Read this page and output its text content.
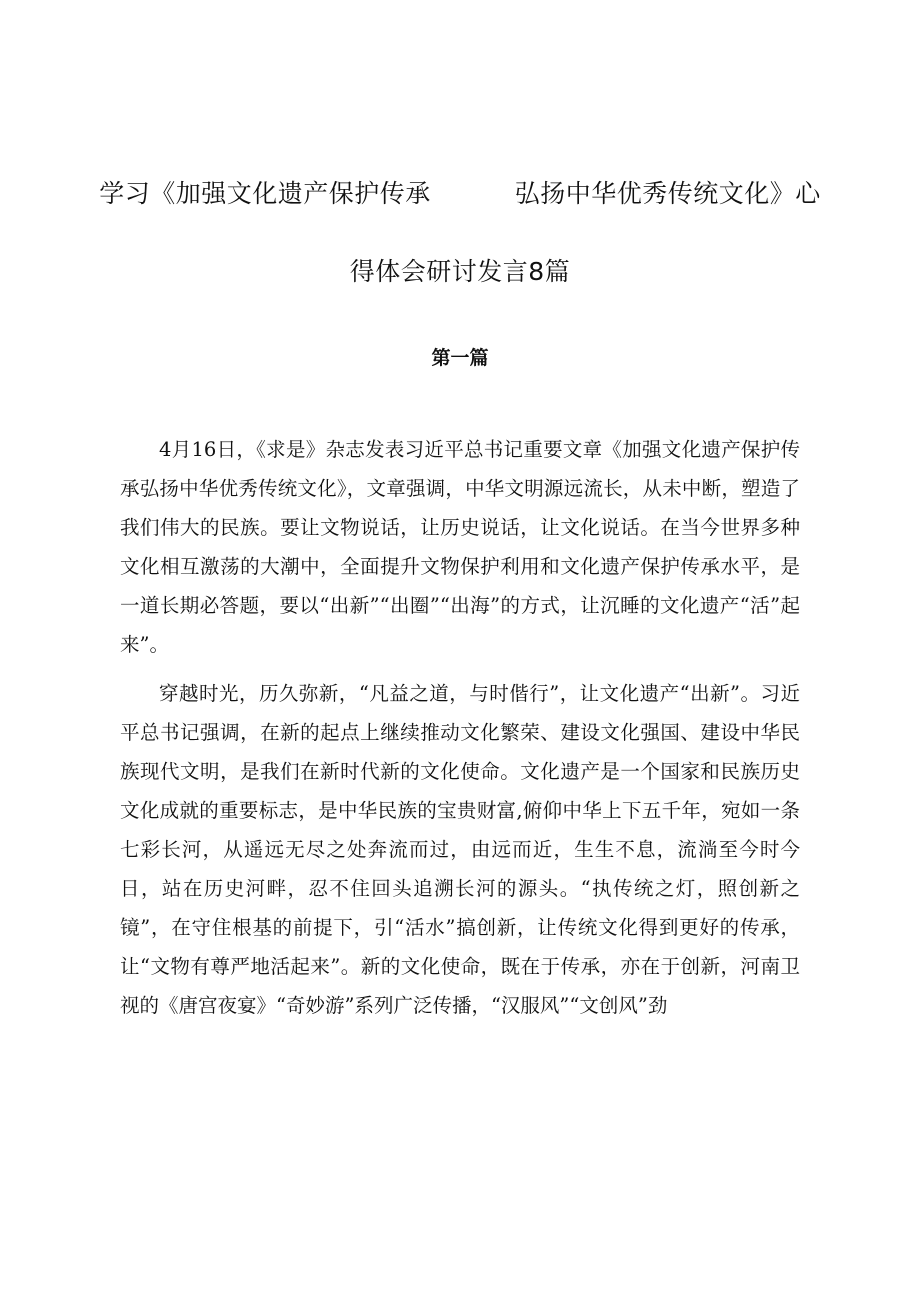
学习《加强文化遗产保护传承	弘扬中华优秀传统文化》心
得体会研讨发言8篇
第一篇

4月16日，《求是》杂志发表习近平总书记重要文章《加强文化遗产保护传承弘扬中华优秀传统文化》，文章强调，中华文明源远流长，从未中断，塑造了我们伟大的民族。要让文物说话，让历史说话，让文化说话。在当今世界多种文化相互激荡的大潮中，全面提升文物保护利用和文化遗产保护传承水平，是一道长期必答题，要以“出新”“出圈”“出海”的方式，让沉睡的文化遗产“活”起来”。

穿越时光，历久弥新，“凡益之道，与时偕行”，让文化遗产“出新”。习近平总书记强调，在新的起点上继续推动文化繁荣、建设文化强国、建设中华民族现代文明，是我们在新时代新的文化使命。文化遗产是一个国家和民族历史文化成就的重要标志，是中华民族的宝贵财富,俯仰中华上下五千年，宛如一条七彩长河，从遥远无尽之处奔流而过，由远而近，生生不息，流淌至今时今日，站在历史河畔，忍不住回头追溯长河的源头。“执传统之灯，照创新之镜”，在守住根基的前提下，引“活水”搞创新，让传统文化得到更好的传承，让“文物有尊严地活起来”。新的文化使命，既在于传承，亦在于创新，河南卫视的《唐宫夜宴》“奇妙游”系列广泛传播，“汉服风”“文创风”劲
